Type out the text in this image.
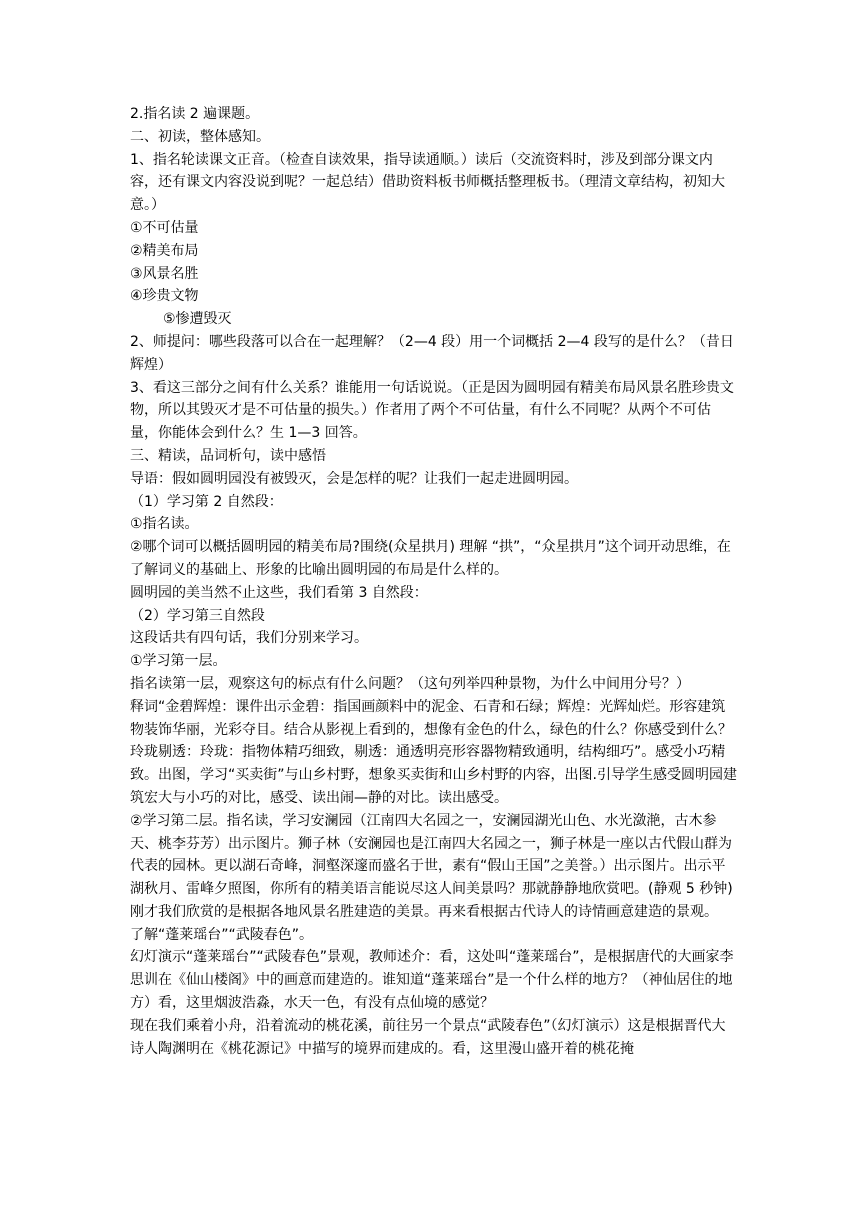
2.指名读 2 遍课题。

二、初读，整体感知。

1、指名轮读课文正音。（检查自读效果，指导读通顺。）读后（交流资料时，涉及到部分课文内容，还有课文内容没说到呢？一起总结）借助资料板书师概括整理板书。（理清文章结构，初知大意。）

①不可估量

②精美布局

③风景名胜

④珍贵文物

⑤惨遭毁灭

2、师提问：哪些段落可以合在一起理解？（2—4 段）用一个词概括 2—4 段写的是什么？（昔日辉煌）

3、看这三部分之间有什么关系？谁能用一句话说说。（正是因为圆明园有精美布局风景名胜珍贵文物，所以其毁灭才是不可估量的损失。）作者用了两个不可估量，有什么不同呢？从两个不可估量，你能体会到什么？生 1—3 回答。

三、精读，品词析句，读中感悟

导语：假如圆明园没有被毁灭，会是怎样的呢？让我们一起走进圆明园。

（1）学习第 2 自然段：

①指名读。

②哪个词可以概括圆明园的精美布局?围绕(众星拱月) 理解 “拱”，“众星拱月”这个词开动思维，在了解词义的基础上、形象的比喻出圆明园的布局是什么样的。

圆明园的美当然不止这些，我们看第 3 自然段：

（2）学习第三自然段

这段话共有四句话，我们分别来学习。

①学习第一层。

指名读第一层，观察这句的标点有什么问题？（这句列举四种景物，为什么中间用分号？）

释词“金碧辉煌：课件出示金碧：指国画颜料中的泥金、石青和石绿；辉煌：光辉灿烂。形容建筑物装饰华丽，光彩夺目。结合从影视上看到的，想像有金色的什么，绿色的什么？你感受到什么？玲珑剔透：玲珑：指物体精巧细致，剔透：通透明亮形容器物精致通明，结构细巧”。感受小巧精致。出图，学习“买卖街”与山乡村野，想象买卖街和山乡村野的内容，出图.引导学生感受圆明园建筑宏大与小巧的对比，感受、读出闹—静的对比。读出感受。

②学习第二层。指名读，学习安澜园（江南四大名园之一，安澜园湖光山色、水光潋滟，古木参天、桃李芬芳）出示图片。狮子林（安澜园也是江南四大名园之一，狮子林是一座以古代假山群为代表的园林。更以湖石奇峰，洞壑深邃而盛名于世，素有“假山王国”之美誉。）出示图片。出示平湖秋月、雷峰夕照图，你所有的精美语言能说尽这人间美景吗？那就静静地欣赏吧。(静观 5 秒钟)

刚才我们欣赏的是根据各地风景名胜建造的美景。再来看根据古代诗人的诗情画意建造的景观。

了解“蓬莱瑶台”“武陵春色”。

幻灯演示“蓬莱瑶台”“武陵春色”景观，教师述介：看，这处叫“蓬莱瑶台”，是根据唐代的大画家李思训在《仙山楼阁》中的画意而建造的。谁知道“蓬莱瑶台”是一个什么样的地方？（神仙居住的地方）看，这里烟波浩淼，水天一色，有没有点仙境的感觉？

现在我们乘着小舟，沿着流动的桃花溪，前往另一个景点“武陵春色”（幻灯演示）这是根据晋代大诗人陶渊明在《桃花源记》中描写的境界而建成的。看，这里漫山盛开着的桃花掩
